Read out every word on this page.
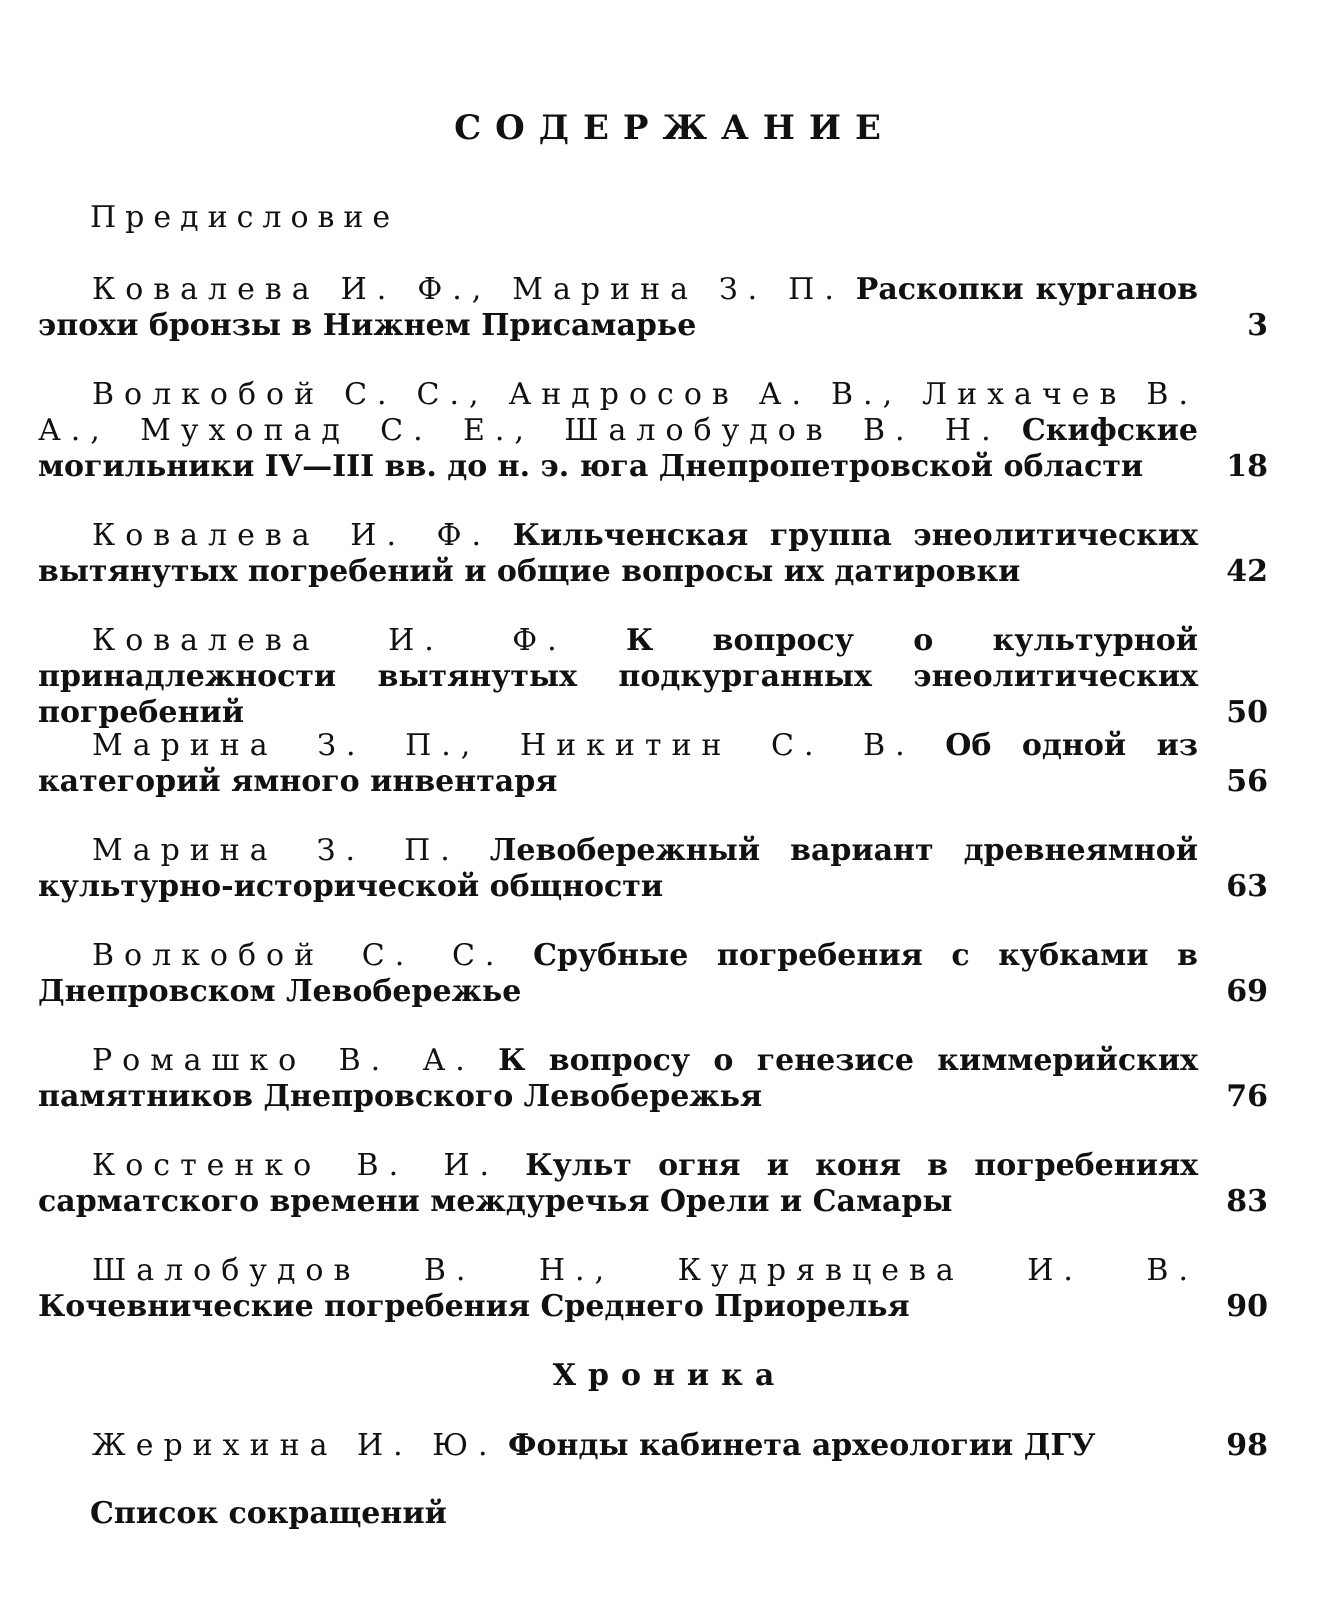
СОДЕРЖАНИЕ
Предисловие
Ковалева И. Ф., Марина З. П. Раскопки курганов эпохи бронзы в Нижнем Присамарье	3
Волкобой С. С., Андросов А. В., Лихачев В. А., Мухопад С. Е., Шалобудов В. Н. Скифские могильники IV—III вв. до н. э. юга Днепропетровской области	18
Ковалева И. Ф. Кильченская группа энеолитических вытянутых погребений и общие вопросы их датировки	42
Ковалева И. Ф. К вопросу о культурной принадлежности вытянутых подкурганных энеолитических погребений	50
Марина З. П., Никитин С. В. Об одной из категорий ямного инвентаря	56
Марина З. П. Левобережный вариант древнеямной культурно-исторической общности	63
Волкобой С. С. Срубные погребения с кубками в Днепровском Левобережье	69
Ромашко В. А. К вопросу о генезисе киммерийских памятников Днепровского Левобережья	76
Костенко В. И. Культ огня и коня в погребениях сарматского времени междуречья Орели и Самары	83
Шалобудов В. Н., Кудрявцева И. В. Кочевнические погребения Среднего Приорелья	90
Хроника
Жерихина И. Ю. Фонды кабинета археологии ДГУ	98
Список сокращений
